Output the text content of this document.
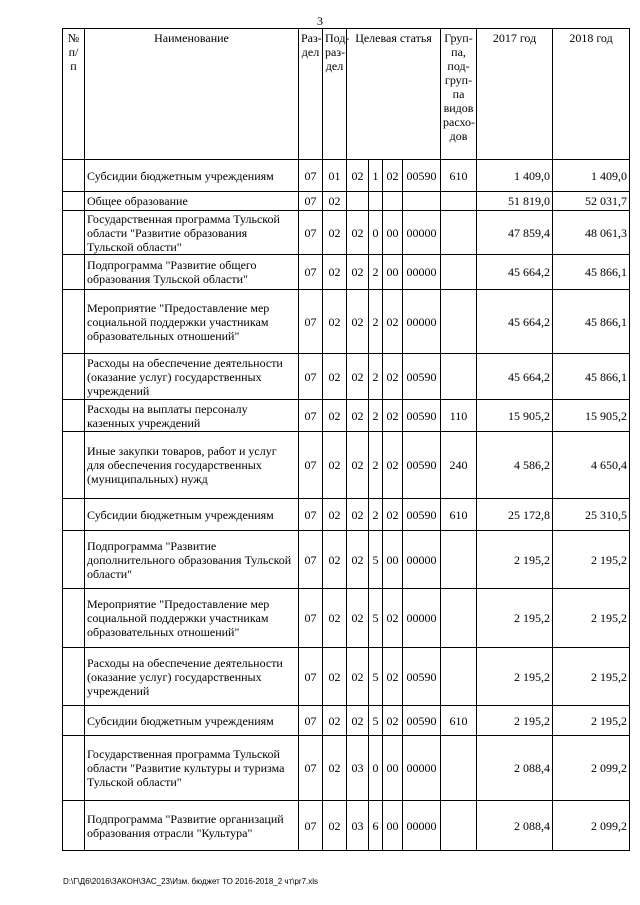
3
№ п/ п	Наименование	Раз-дел	Под-раз-дел	Целевая статья				Груп-па, под-груп-па видов расхо-дов	2017 год	2018 год
	Субсидии бюджетным учреждениям	07	01	02	1	02	00590	610	1 409,0	1 409,0
	Общее образование	07	02						51 819,0	52 031,7
	Государственная программа Тульской области "Развитие образования Тульской области"	07	02	02	0	00	00000		47 859,4	48 061,3
	Подпрограмма "Развитие общего образования Тульской области"	07	02	02	2	00	00000		45 664,2	45 866,1
	Мероприятие "Предоставление мер социальной поддержки участникам образовательных отношений"	07	02	02	2	02	00000		45 664,2	45 866,1
	Расходы на обеспечение деятельности (оказание услуг) государственных учреждений	07	02	02	2	02	00590		45 664,2	45 866,1
	Расходы на выплаты персоналу казенных учреждений	07	02	02	2	02	00590	110	15 905,2	15 905,2
	Иные закупки товаров, работ и услуг для обеспечения государственных (муниципальных) нужд	07	02	02	2	02	00590	240	4 586,2	4 650,4
	Субсидии бюджетным учреждениям	07	02	02	2	02	00590	610	25 172,8	25 310,5
	Подпрограмма "Развитие дополнительного образования Тульской области"	07	02	02	5	00	00000		2 195,2	2 195,2
	Мероприятие "Предоставление мер социальной поддержки участникам образовательных отношений"	07	02	02	5	02	00000		2 195,2	2 195,2
	Расходы на обеспечение деятельности (оказание услуг) государственных учреждений	07	02	02	5	02	00590		2 195,2	2 195,2
	Субсидии бюджетным учреждениям	07	02	02	5	02	00590	610	2 195,2	2 195,2
	Государственная программа Тульской области "Развитие культуры и туризма Тульской области"	07	02	03	0	00	00000		2 088,4	2 099,2
	Подпрограмма "Развитие организаций образования отрасли "Культура"	07	02	03	6	00	00000		2 088,4	2 099,2
D:\Г\Д6\2016\ЗАКОН\ЗАС_23\Изм. бюджет ТО 2016-2018_2 чт\pr7.xls
